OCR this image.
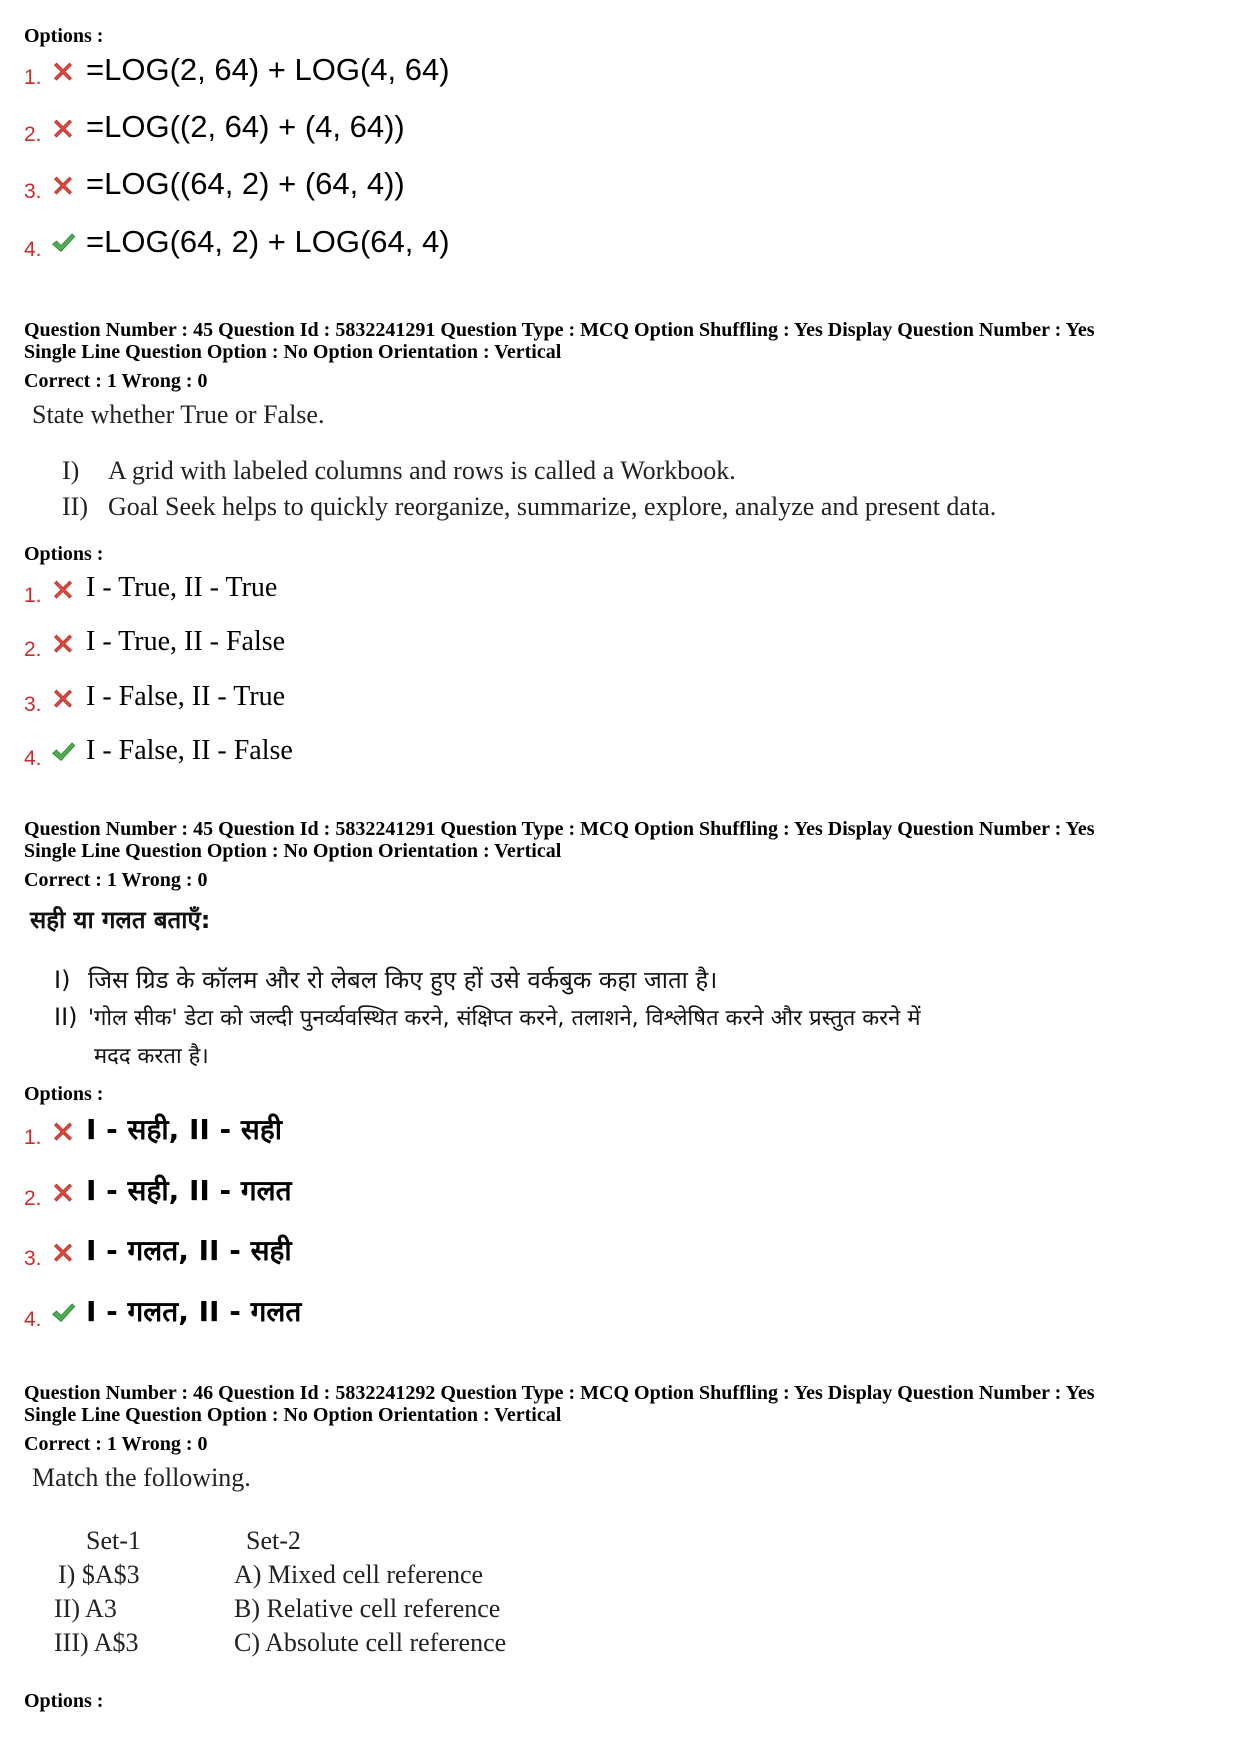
Options :
1. =LOG(2, 64) + LOG(4, 64)
2. =LOG((2, 64) + (4, 64))
3. =LOG((64, 2) + (64, 4))
4. =LOG(64, 2) + LOG(64, 4)
Question Number : 45 Question Id : 5832241291 Question Type : MCQ Option Shuffling : Yes Display Question Number : Yes
Single Line Question Option : No Option Orientation : Vertical
Correct : 1 Wrong : 0
State whether True or False.
I) A grid with labeled columns and rows is called a Workbook.
II) Goal Seek helps to quickly reorganize, summarize, explore, analyze and present data.
Options :
1.	I - True, II - True
2.	I - True, II - False
3.	I - False, II - True
4.	I - False, II - False
Question Number : 45 Question Id : 5832241291 Question Type : MCQ Option Shuffling : Yes Display Question Number : Yes
Single Line Question Option : No Option Orientation : Vertical
Correct : 1 Wrong : 0
सही या गलत बताएँ:
I) जिस ग्रिड के कॉलम और रो लेबल किए हुए हों उसे वर्कबुक कहा जाता है।
II) 'गोल सीक' डेटा को जल्दी पुनर्व्यवस्थित करने, संक्षिप्त करने, तलाशने, विश्लेषित करने और प्रस्तुत करने में
मदद करता है।
Options :
1.	I - सही, II - सही
2.	I - सही, II - गलत
3.	I - गलत, II - सही
4.	I - गलत, II - गलत
Question Number : 46 Question Id : 5832241292 Question Type : MCQ Option Shuffling : Yes Display Question Number : Yes
Single Line Question Option : No Option Orientation : Vertical
Correct : 1 Wrong : 0
Match the following.
Set-1	Set-2
I) $A$3	A) Mixed cell reference
II) A3	B) Relative cell reference
III) A$3	C) Absolute cell reference
Options :
